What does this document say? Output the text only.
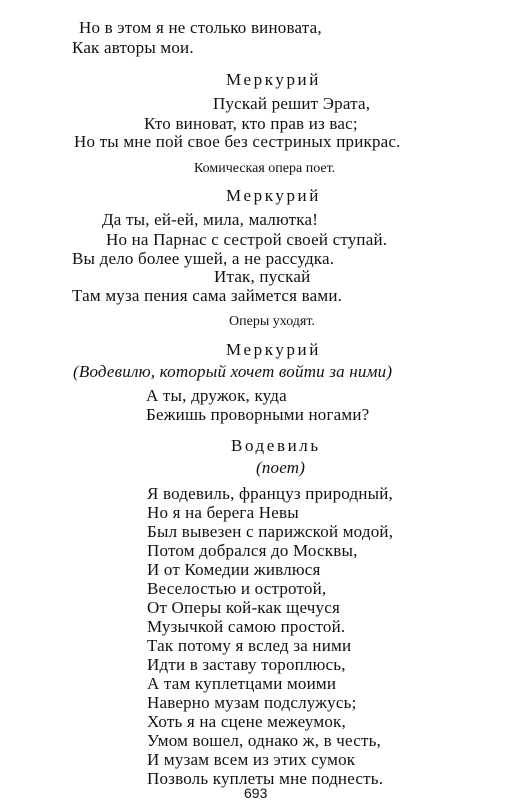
Но в этом я не столько виновата,
Как авторы мои.
Меркурий
Пускай решит Эрата,
Кто виноват, кто прав из вас;
Но ты мне пой свое без сестриных прикрас.
Комическая опера поет.
Меркурий
Да ты, ей-ей, мила, малютка!
Но на Парнас с сестрой своей ступай.
Вы дело более ушей, а не рассудка.
Итак, пускай
Там муза пения сама займется вами.
Оперы уходят.
Меркурий
(Водевилю, который хочет войти за ними)
А ты, дружок, куда
Бежишь проворными ногами?
Водевиль
(поет)
Я водевиль, француз природный,
Но я на берега Невы
Был вывезен с парижской модой,
Потом добрался до Москвы,
И от Комедии живлюся
Веселостью и остротой,
От Оперы кой-как щечуся
Музычкой самою простой.
Так потому я вслед за ними
Идти в заставу тороплюсь,
А там куплетцами моими
Наверно музам подслужусь;
Хоть я на сцене межеумок,
Умом вошел, однако ж, в честь,
И музам всем из этих сумок
Позволь куплеты мне поднесть.
693
